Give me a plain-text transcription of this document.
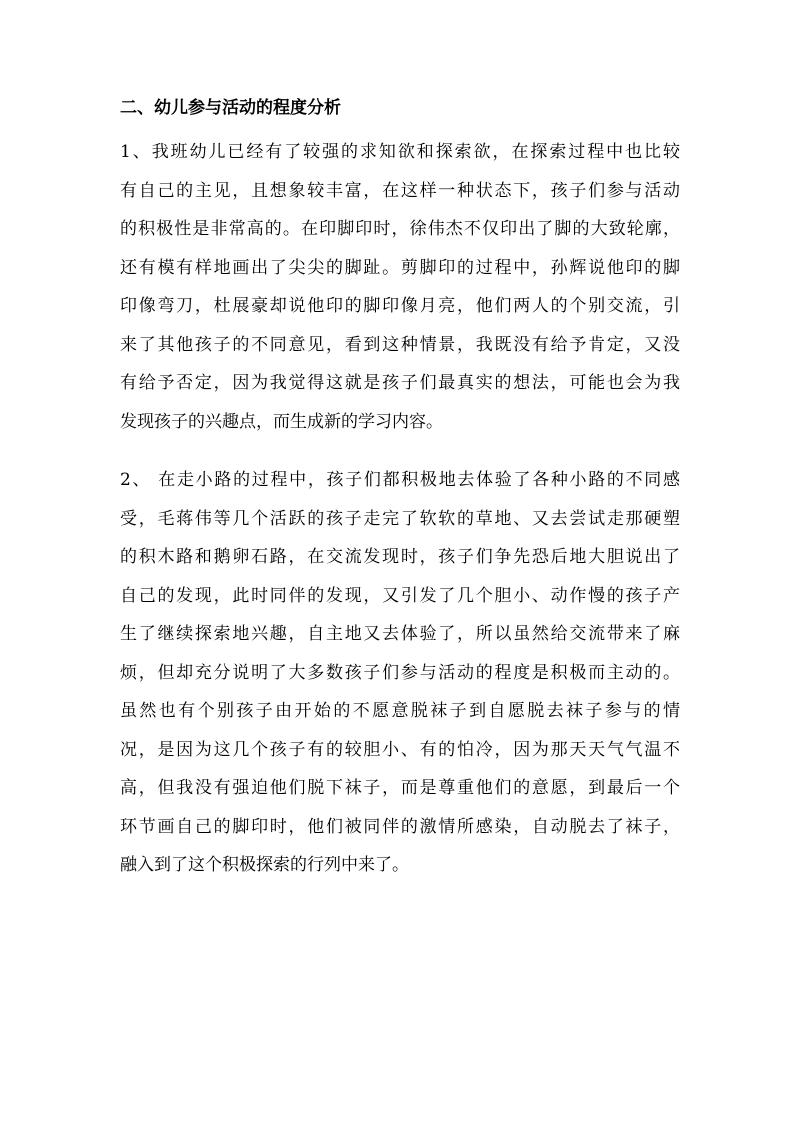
二、幼儿参与活动的程度分析
1、我班幼儿已经有了较强的求知欲和探索欲，在探索过程中也比较
有自己的主见，且想象较丰富，在这样一种状态下，孩子们参与活动
的积极性是非常高的。在印脚印时，徐伟杰不仅印出了脚的大致轮廓，
还有模有样地画出了尖尖的脚趾。剪脚印的过程中，孙辉说他印的脚
印像弯刀，杜展豪却说他印的脚印像月亮，他们两人的个别交流，引
来了其他孩子的不同意见，看到这种情景，我既没有给予肯定，又没
有给予否定，因为我觉得这就是孩子们最真实的想法，可能也会为我
发现孩子的兴趣点，而生成新的学习内容。
2、 在走小路的过程中，孩子们都积极地去体验了各种小路的不同感
受，毛蒋伟等几个活跃的孩子走完了软软的草地、又去尝试走那硬塑
的积木路和鹅卵石路，在交流发现时，孩子们争先恐后地大胆说出了
自己的发现，此时同伴的发现，又引发了几个胆小、动作慢的孩子产
生了继续探索地兴趣，自主地又去体验了，所以虽然给交流带来了麻
烦，但却充分说明了大多数孩子们参与活动的程度是积极而主动的。
虽然也有个别孩子由开始的不愿意脱袜子到自愿脱去袜子参与的情
况，是因为这几个孩子有的较胆小、有的怕冷，因为那天天气气温不
高，但我没有强迫他们脱下袜子，而是尊重他们的意愿，到最后一个
环节画自己的脚印时，他们被同伴的激情所感染，自动脱去了袜子，
融入到了这个积极探索的行列中来了。
